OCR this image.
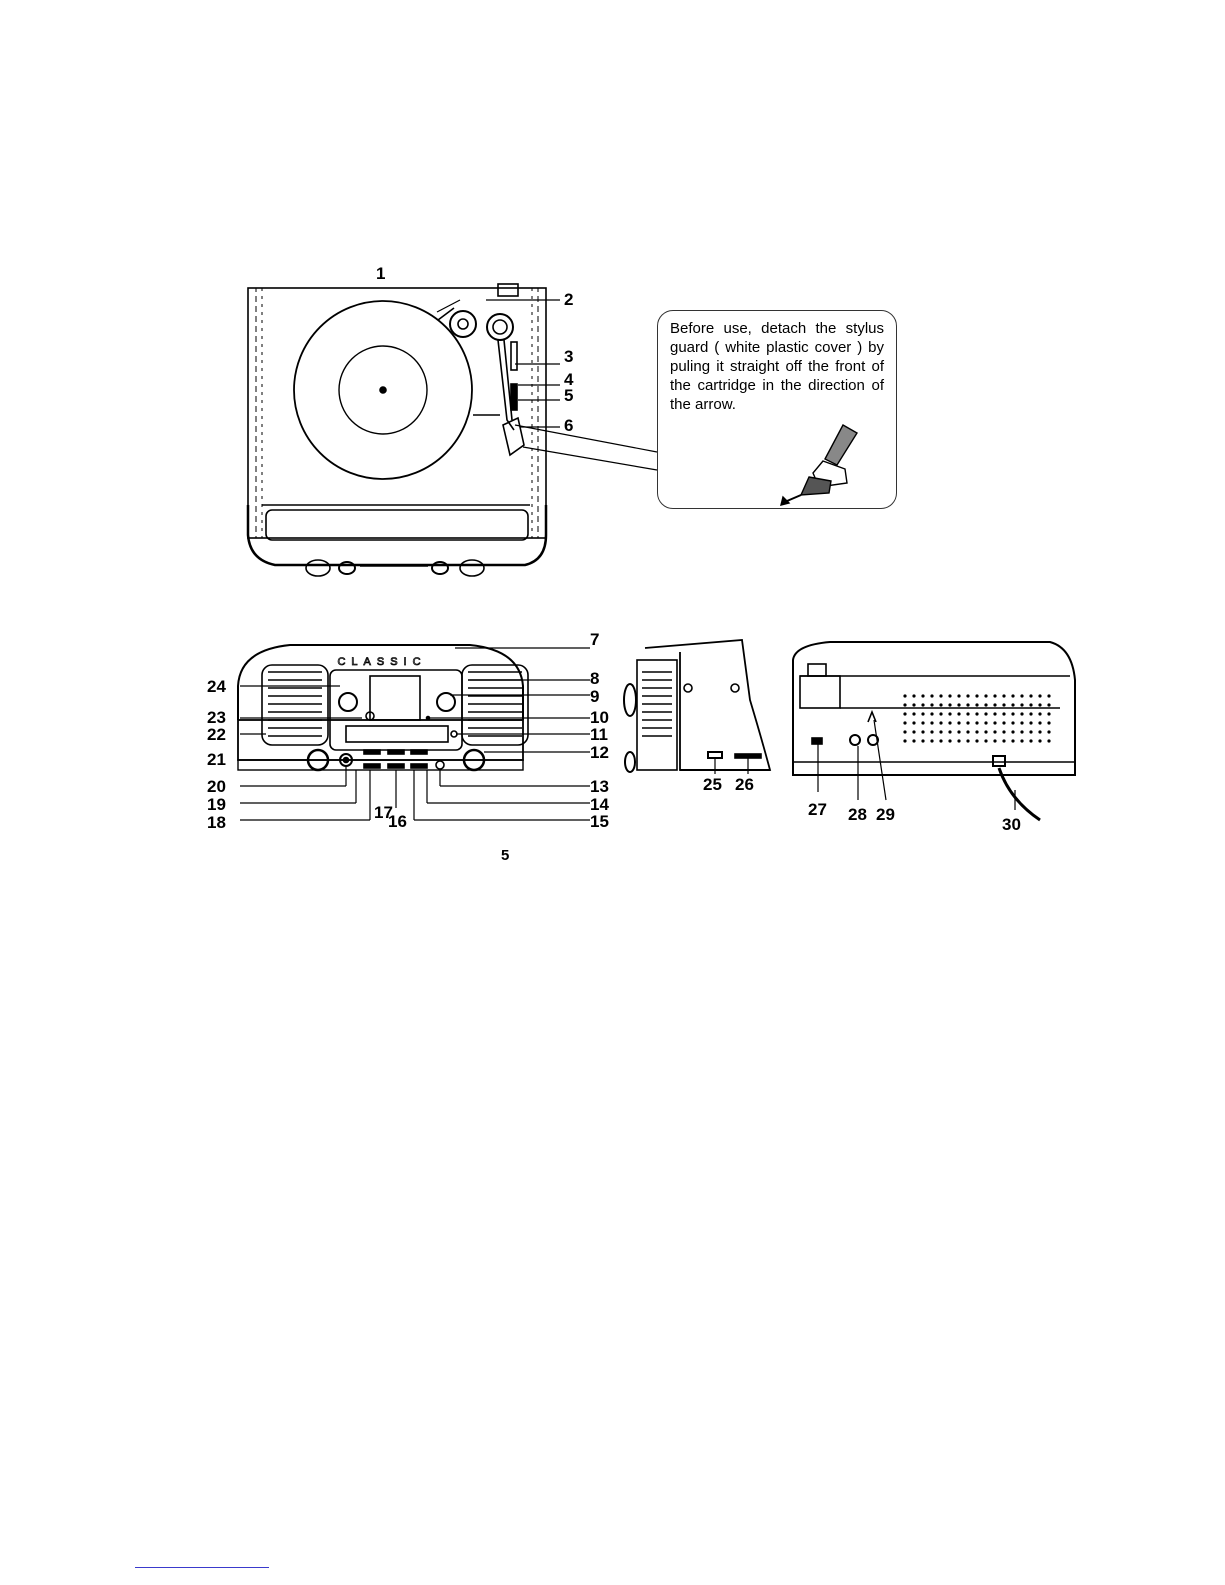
CLASSIC
1
2
3
4
5
6
7
8
9
10
11
12
13
14
15
16
17
18
19
20
21
22
23
24
25 26
27 28 29
30
Before use, detach the stylus guard ( white plastic cover ) by puling it straight off the front of the cartridge in the direction of the arrow.
5
